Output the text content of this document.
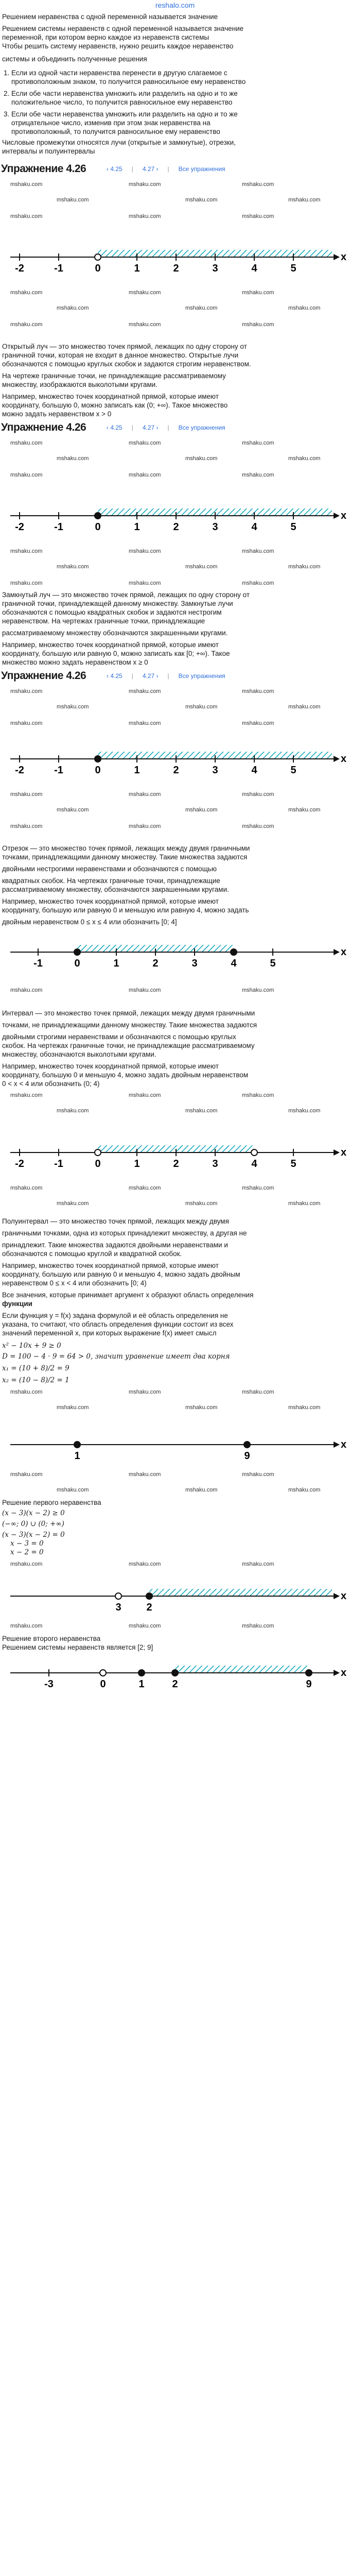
reshalo.com
Решением неравенства с одной переменной называется значение
Решением системы неравенств с одной переменной называется значение
переменной, при котором верно каждое из неравенств системы
Чтобы решить систему неравенств, нужно решить каждое неравенство
системы и объединить полученные решения
1. Если из одной части неравенства перенести в другую слагаемое с
противоположным знаком, то получится равносильное ему неравенство
2. Если обе части неравенства умножить или разделить на одно и то же
положительное число, то получится равносильное ему неравенство
3. Если обе части неравенства умножить или разделить на одно и то же
отрицательное число, изменив при этом знак неравенства на
противоположный, то получится равносильное ему неравенство
Числовые промежутки относятся лучи (открытые и замкнутые), отрезки,
интервалы и полуинтервалы
Упражнение 4.26	‹ 4.25 | 4.27 › | Все упражнения
mshaku.com	mshaku.com	mshaku.com
mshaku.com	mshaku.com	mshaku.com
mshaku.com	mshaku.com	mshaku.com
x
-2	-1	0	1	2	3	4	5
mshaku.com	mshaku.com	mshaku.com
mshaku.com	mshaku.com	mshaku.com
mshaku.com	mshaku.com	mshaku.com
Открытый луч — это множество точек прямой, лежащих по одну сторону от
граничной точки, которая не входит в данное множество. Открытые лучи
обозначаются с помощью круглых скобок и задаются строгим неравенством.
На чертеже граничные точки, не принадлежащие рассматриваемому
множеству, изображаются выколотыми кругами.
Например, множество точек координатной прямой, которые имеют
координату, большую 0, можно записать как (0; +∞). Такое множество
можно задать неравенством x > 0
Упражнение 4.26	‹ 4.25 | 4.27 › | Все упражнения
mshaku.com	mshaku.com	mshaku.com
mshaku.com	mshaku.com	mshaku.com
mshaku.com	mshaku.com	mshaku.com
x
-2	-1	0	1	2	3	4	5
mshaku.com	mshaku.com	mshaku.com
mshaku.com	mshaku.com	mshaku.com
mshaku.com	mshaku.com	mshaku.com
Замкнутый луч — это множество точек прямой, лежащих по одну сторону от
граничной точки, принадлежащей данному множеству. Замкнутые лучи
обозначаются с помощью квадратных скобок и задаются нестрогим
неравенством. На чертежах граничные точки, принадлежащие
рассматриваемому множеству обозначаются закрашенными кругами.
Например, множество точек координатной прямой, которые имеют
координату, большую или равную 0, можно записать как [0; +∞). Такое
множество можно задать неравенством x ≥ 0
Упражнение 4.26	‹ 4.25 | 4.27 › | Все упражнения
mshaku.com	mshaku.com	mshaku.com
mshaku.com	mshaku.com	mshaku.com
mshaku.com	mshaku.com	mshaku.com
x
-2	-1	0	1	2	3	4	5
mshaku.com	mshaku.com	mshaku.com
mshaku.com	mshaku.com	mshaku.com
mshaku.com	mshaku.com	mshaku.com
Отрезок — это множество точек прямой, лежащих между двумя граничными
точками, принадлежащими данному множеству. Такие множества задаются
двойными нестрогими неравенствами и обозначаются с помощью
квадратных скобок. На чертежах граничные точки, принадлежащие
рассматриваемому множеству, обозначаются закрашенными кругами.
Например, множество точек координатной прямой, которые имеют
координату, большую или равную 0 и меньшую или равную 4, можно задать
двойным неравенством 0 ≤ x ≤ 4 или обозначить [0; 4]
x
-1	0	1	2	3	4	5
mshaku.com	mshaku.com	mshaku.com
Интервал — это множество точек прямой, лежащих между двумя граничными
точками, не принадлежащими данному множеству. Такие множества задаются
двойными строгими неравенствами и обозначаются с помощью круглых
скобок. На чертежах граничные точки, не принадлежащие рассматриваемому
множеству, обозначаются выколотыми кругами.
Например, множество точек координатной прямой, которые имеют
координату, большую 0 и меньшую 4, можно задать двойным неравенством
0 < x < 4 или обозначить (0; 4)
mshaku.com	mshaku.com	mshaku.com
mshaku.com	mshaku.com	mshaku.com
x
-2	-1	0	1	2	3	4	5
mshaku.com	mshaku.com	mshaku.com
mshaku.com	mshaku.com	mshaku.com
Полуинтервал — это множество точек прямой, лежащих между двумя
граничными точками, одна из которых принадлежит множеству, а другая не
принадлежит. Такие множества задаются двойными неравенствами и
обозначаются с помощью круглой и квадратной скобок.
Например, множество точек координатной прямой, которые имеют
координату, большую или равную 0 и меньшую 4, можно задать двойным
неравенством 0 ≤ x < 4 или обозначить [0; 4)
Все значения, которые принимает аргумент х образуют область определения
функции
Если функция y = f(x) задана формулой и её область определения не
указана, то считают, что область определения функции состоит из всех
значений переменной x, при которых выражение f(x) имеет смысл
x² − 10x + 9 ≥ 0
D = 100 − 4 · 9 = 64 > 0, значит уравнение имеет два корня
x₁ = (10 + 8)/2 = 9
x₂ = (10 − 8)/2 = 1
mshaku.com	mshaku.com	mshaku.com
mshaku.com	mshaku.com	mshaku.com
x
1	9
mshaku.com	mshaku.com	mshaku.com
mshaku.com	mshaku.com	mshaku.com
Решение первого неравенства
(x − 3)(x − 2) ≥ 0
(−∞; 0) ∪ (0; +∞)
(x − 3)(x − 2) = 0
x − 3 = 0
x − 2 = 0
mshaku.com	mshaku.com	mshaku.com
x
3 2
mshaku.com	mshaku.com	mshaku.com
Решение второго неравенства
Решением системы неравенств является [2; 9]
x
-3	0	1	2	9
